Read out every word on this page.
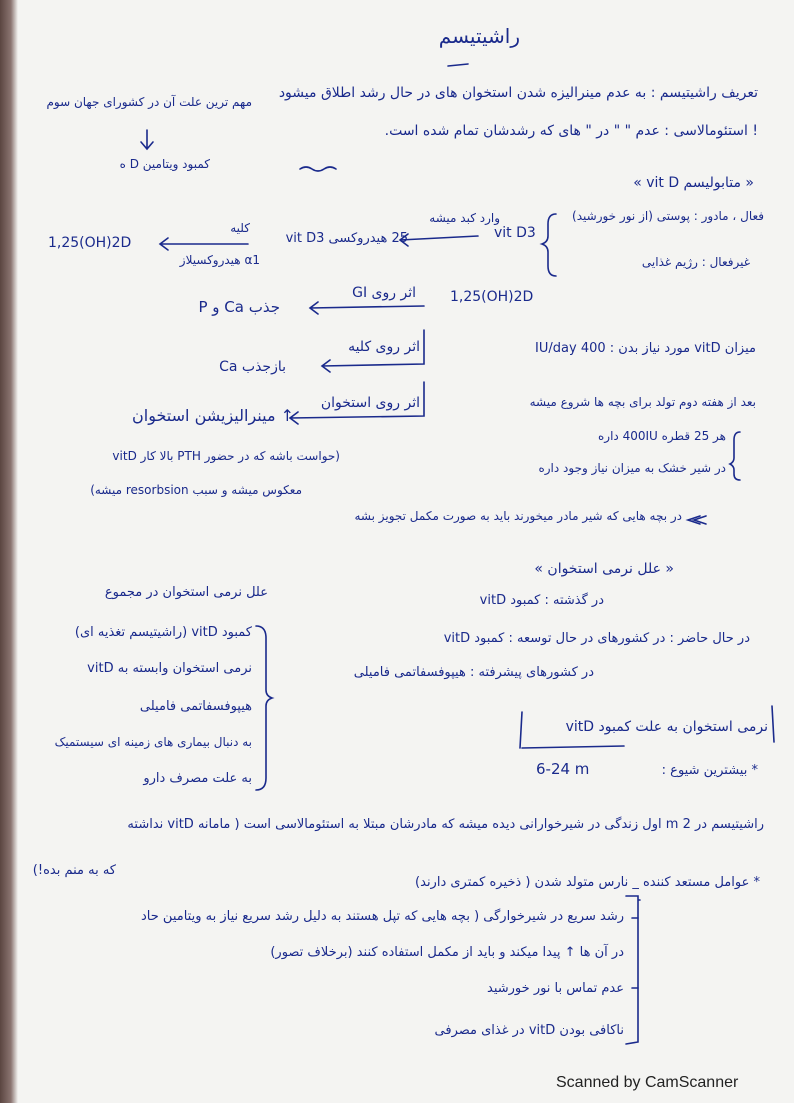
راشیتیسم
تعریف راشیتیسم : به عدم مینرالیزه شدن استخوان های در حال رشد اطلاق میشود
! استئومالاسی : عدم " " در " های که رشدشان تمام شده است.
مهم ترین علت آن در کشورای جهان سوم
کمبود ویتامین D ه
« متابولیسم vit D »
فعال ، مادور : پوستی (از نور خورشید)
غیرفعال : رژیم غذایی
vit D3
وارد کبد میشه
25 هیدروکسی vit D3
کلیه
α1 هیدروکسیلاز
1,25(OH)2D
1,25(OH)2D
اثر روی GI
جذب Ca و P
اثر روی کلیه
بازجذب Ca
اثر روی استخوان
↑ مینرالیزیشن استخوان
(حواست باشه که در حضور PTH بالا کار vitD
معکوس میشه و سبب resorbsion میشه)
میزان vitD مورد نیاز بدن : 400 IU/day
بعد از هفته دوم تولد برای بچه ها شروع میشه
هر 25 قطره 400IU داره
در شیر خشک به میزان نیاز وجود داره
در بچه هایی که شیر مادر میخورند باید به صورت مکمل تجویز بشه
« علل نرمی استخوان »
در گذشته : کمبود vitD
در حال حاضر : در کشورهای در حال توسعه : کمبود vitD
در کشورهای پیشرفته : هیپوفسفاتمی فامیلی
نرمی استخوان به علت کمبود vitD
* بیشترین شیوع :
6-24 m
علل نرمی استخوان در مجموع
کمبود vitD (راشیتیسم تغذیه ای)
نرمی استخوان وابسته به vitD
هیپوفسفاتمی فامیلی
به دنبال بیماری های زمینه ای سیستمیک
به علت مصرف دارو
راشیتیسم در 2 m اول زندگی در شیرخوارانی دیده میشه که مادرشان مبتلا به استئومالاسی است ( مامانه vitD نداشته
که به منم بده!)
* عوامل مستعد کننده _ نارس متولد شدن ( ذخیره کمتری دارند)
رشد سریع در شیرخوارگی ( بچه هایی که تپل هستند به دلیل رشد سریع نیاز به ویتامین حاد
در آن ها ↑ پیدا میکند و باید از مکمل استفاده کنند (برخلاف تصور)
عدم تماس با نور خورشید
ناکافی بودن vitD در غذای مصرفی
Scanned by CamScanner
